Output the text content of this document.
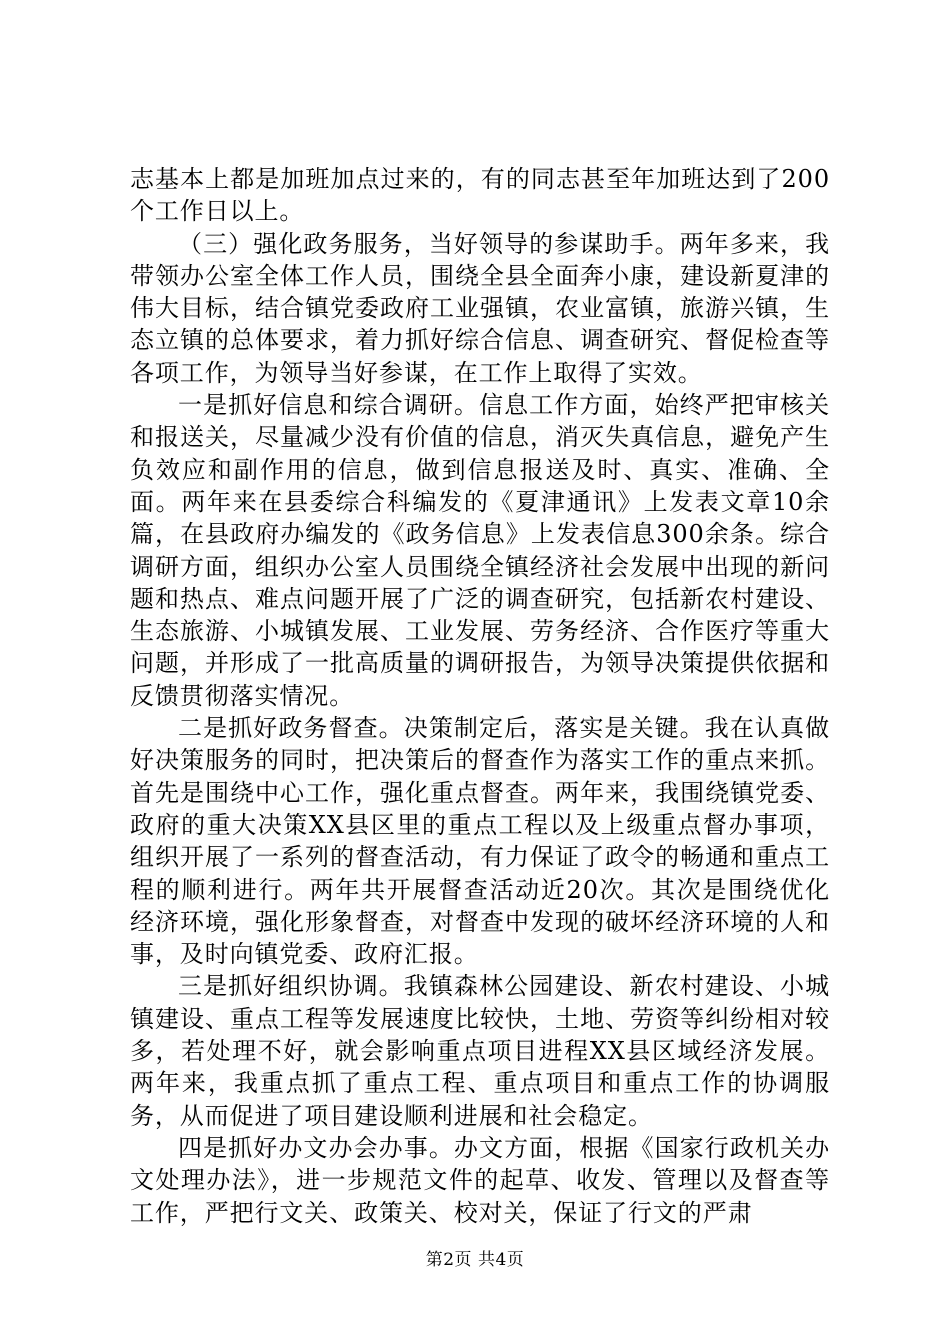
志基本上都是加班加点过来的，有的同志甚至年加班达到了200个工作日以上。

（三）强化政务服务，当好领导的参谋助手。两年多来，我带领办公室全体工作人员，围绕全县全面奔小康，建设新夏津的伟大目标，结合镇党委政府工业强镇，农业富镇，旅游兴镇，生态立镇的总体要求，着力抓好综合信息、调查研究、督促检查等各项工作，为领导当好参谋，在工作上取得了实效。

一是抓好信息和综合调研。信息工作方面，始终严把审核关和报送关，尽量减少没有价值的信息，消灭失真信息，避免产生负效应和副作用的信息，做到信息报送及时、真实、准确、全面。两年来在县委综合科编发的《夏津通讯》上发表文章10余篇，在县政府办编发的《政务信息》上发表信息300余条。综合调研方面，组织办公室人员围绕全镇经济社会发展中出现的新问题和热点、难点问题开展了广泛的调查研究，包括新农村建设、生态旅游、小城镇发展、工业发展、劳务经济、合作医疗等重大问题，并形成了一批高质量的调研报告，为领导决策提供依据和反馈贯彻落实情况。

二是抓好政务督查。决策制定后，落实是关键。我在认真做好决策服务的同时，把决策后的督查作为落实工作的重点来抓。首先是围绕中心工作，强化重点督查。两年来，我围绕镇党委、政府的重大决策XX县区里的重点工程以及上级重点督办事项，组织开展了一系列的督查活动，有力保证了政令的畅通和重点工程的顺利进行。两年共开展督查活动近20次。其次是围绕优化经济环境，强化形象督查，对督查中发现的破坏经济环境的人和事，及时向镇党委、政府汇报。

三是抓好组织协调。我镇森林公园建设、新农村建设、小城镇建设、重点工程等发展速度比较快，土地、劳资等纠纷相对较多，若处理不好，就会影响重点项目进程XX县区域经济发展。两年来，我重点抓了重点工程、重点项目和重点工作的协调服务，从而促进了项目建设顺利进展和社会稳定。

四是抓好办文办会办事。办文方面，根据《国家行政机关办文处理办法》，进一步规范文件的起草、收发、管理以及督查等工作，严把行文关、政策关、校对关，保证了行文的严肃

第2页 共4页
